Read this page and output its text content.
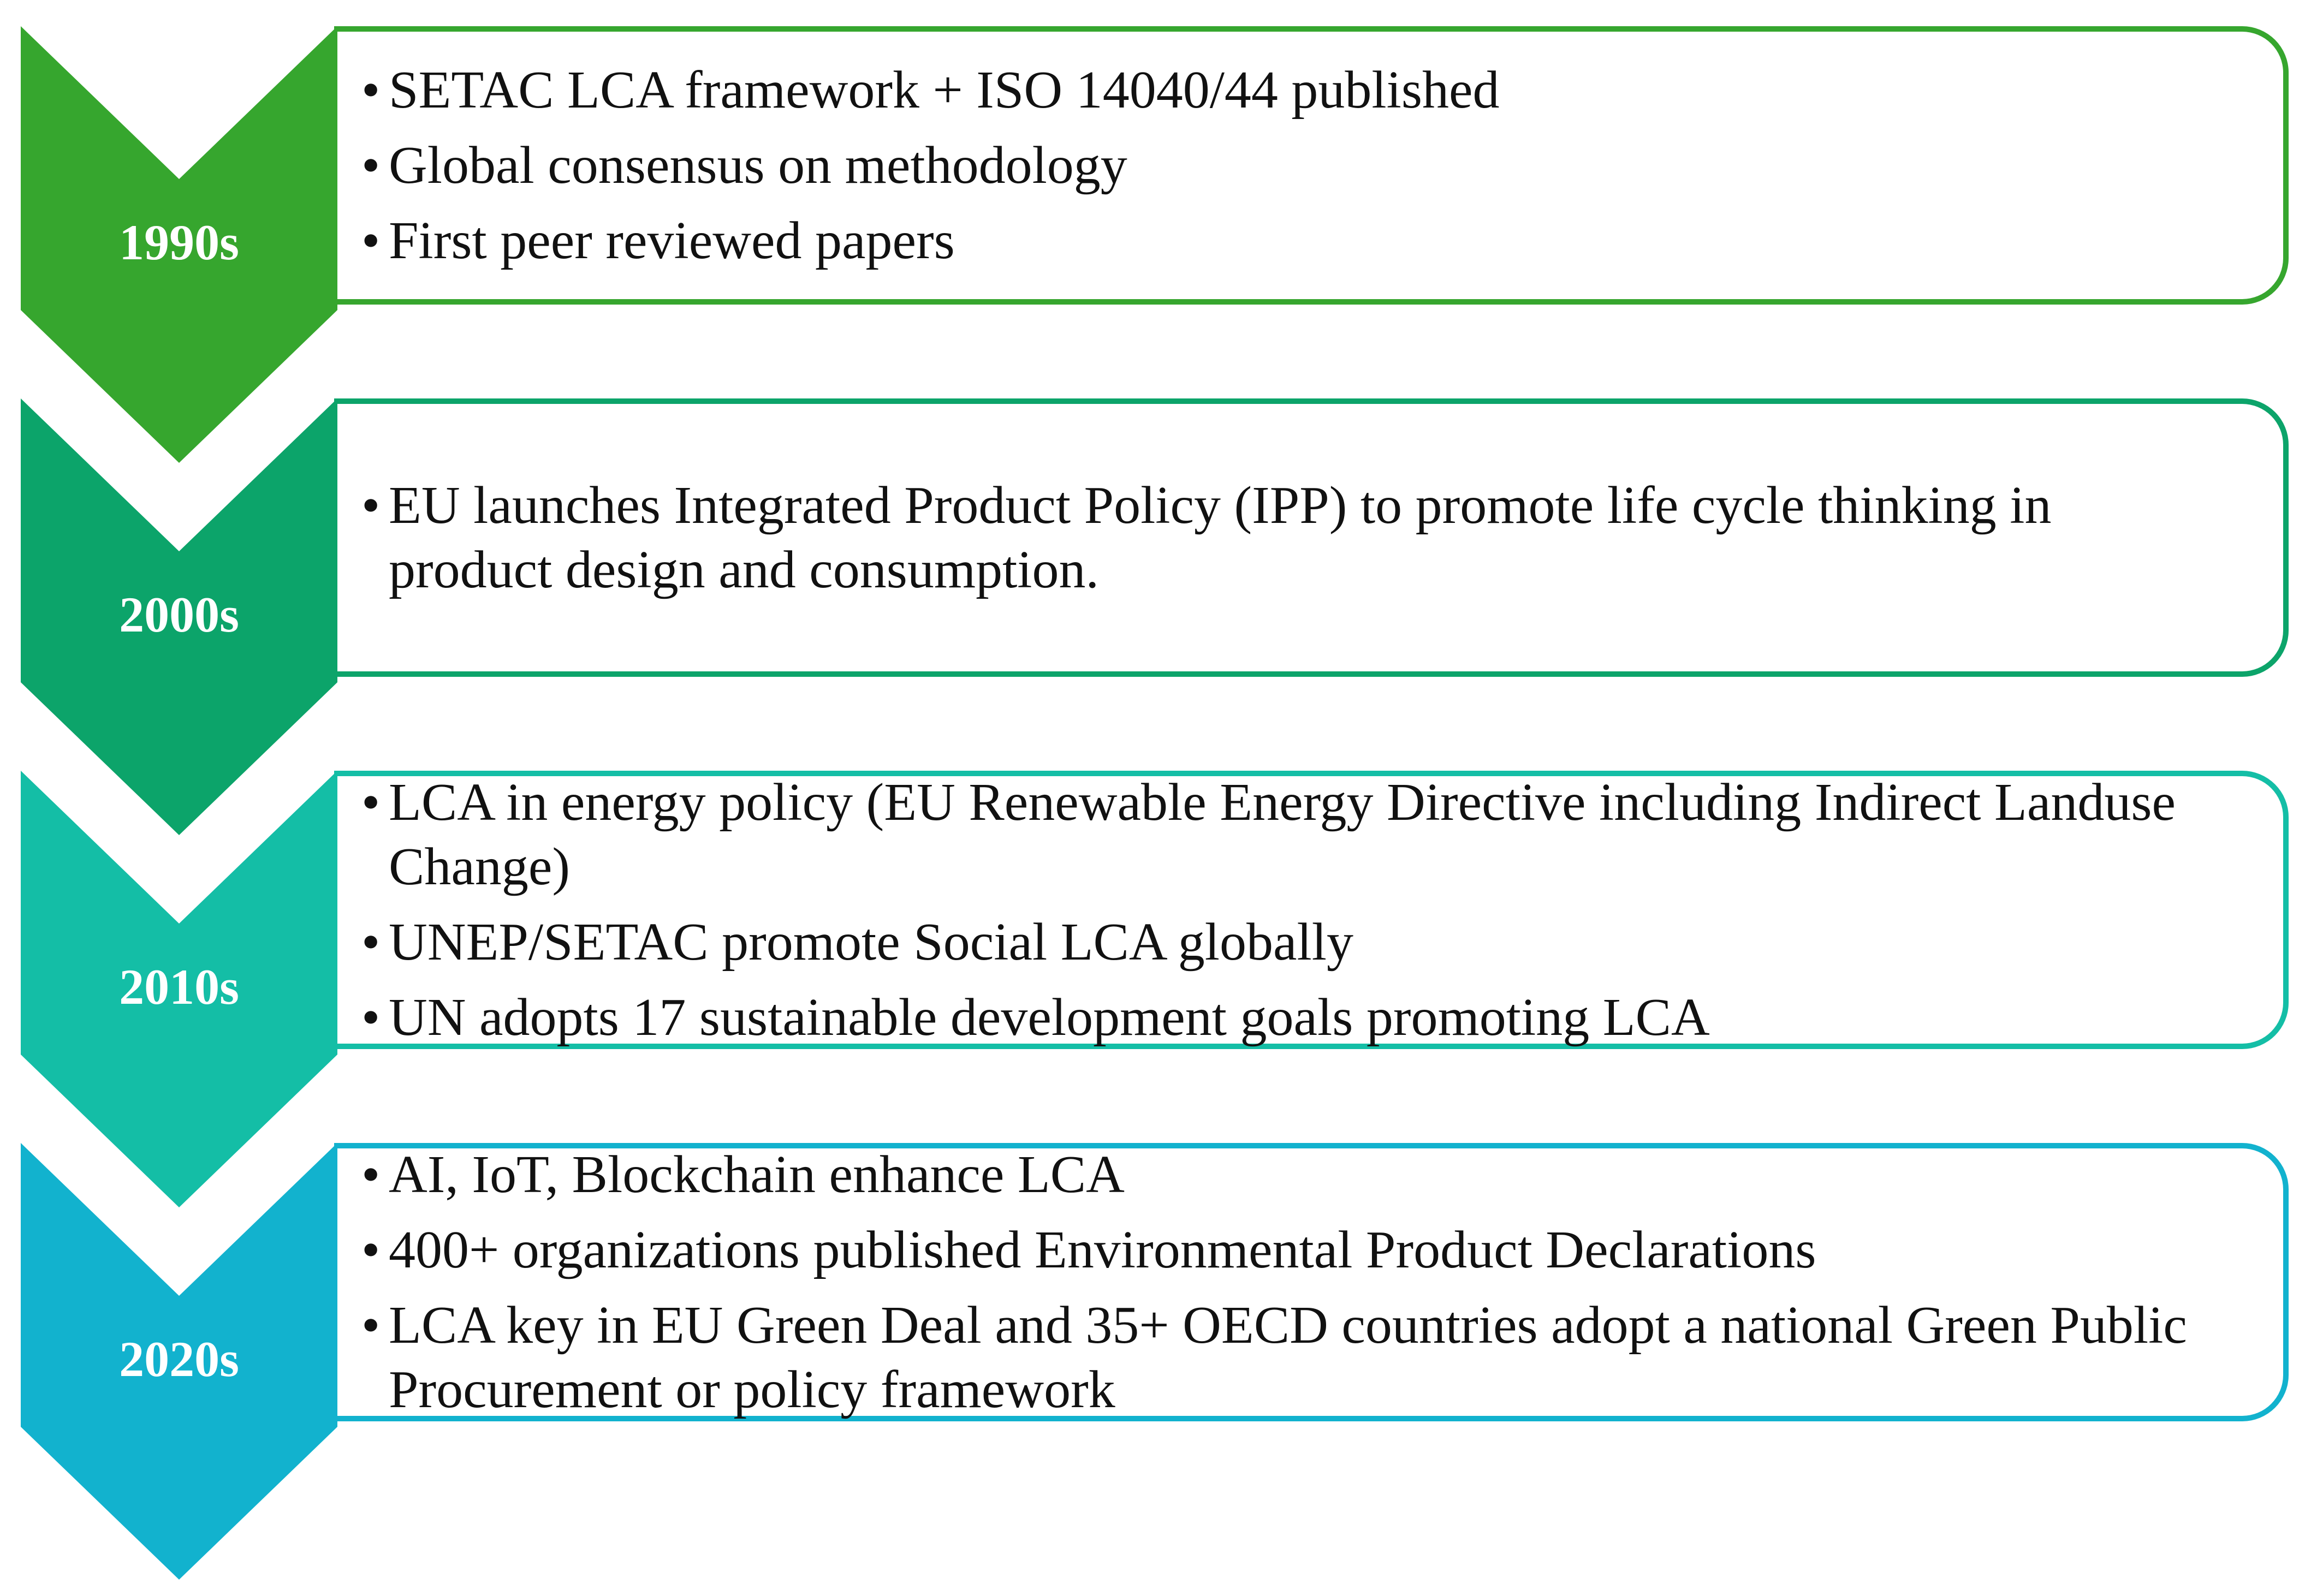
1990s
• SETAC LCA framework + ISO 14040/44 published
• Global consensus on methodology
• First peer reviewed papers
2000s
• EU launches Integrated Product Policy (IPP) to promote life cycle thinking in product design and consumption.
2010s
• LCA in energy policy (EU Renewable Energy Directive including Indirect Landuse Change)
• UNEP/SETAC promote Social LCA globally
• UN adopts 17 sustainable development goals promoting LCA
2020s
• AI, IoT, Blockchain enhance LCA
• 400+ organizations published Environmental Product Declarations
• LCA key in EU Green Deal and 35+ OECD countries adopt a national Green Public Procurement or policy framework
